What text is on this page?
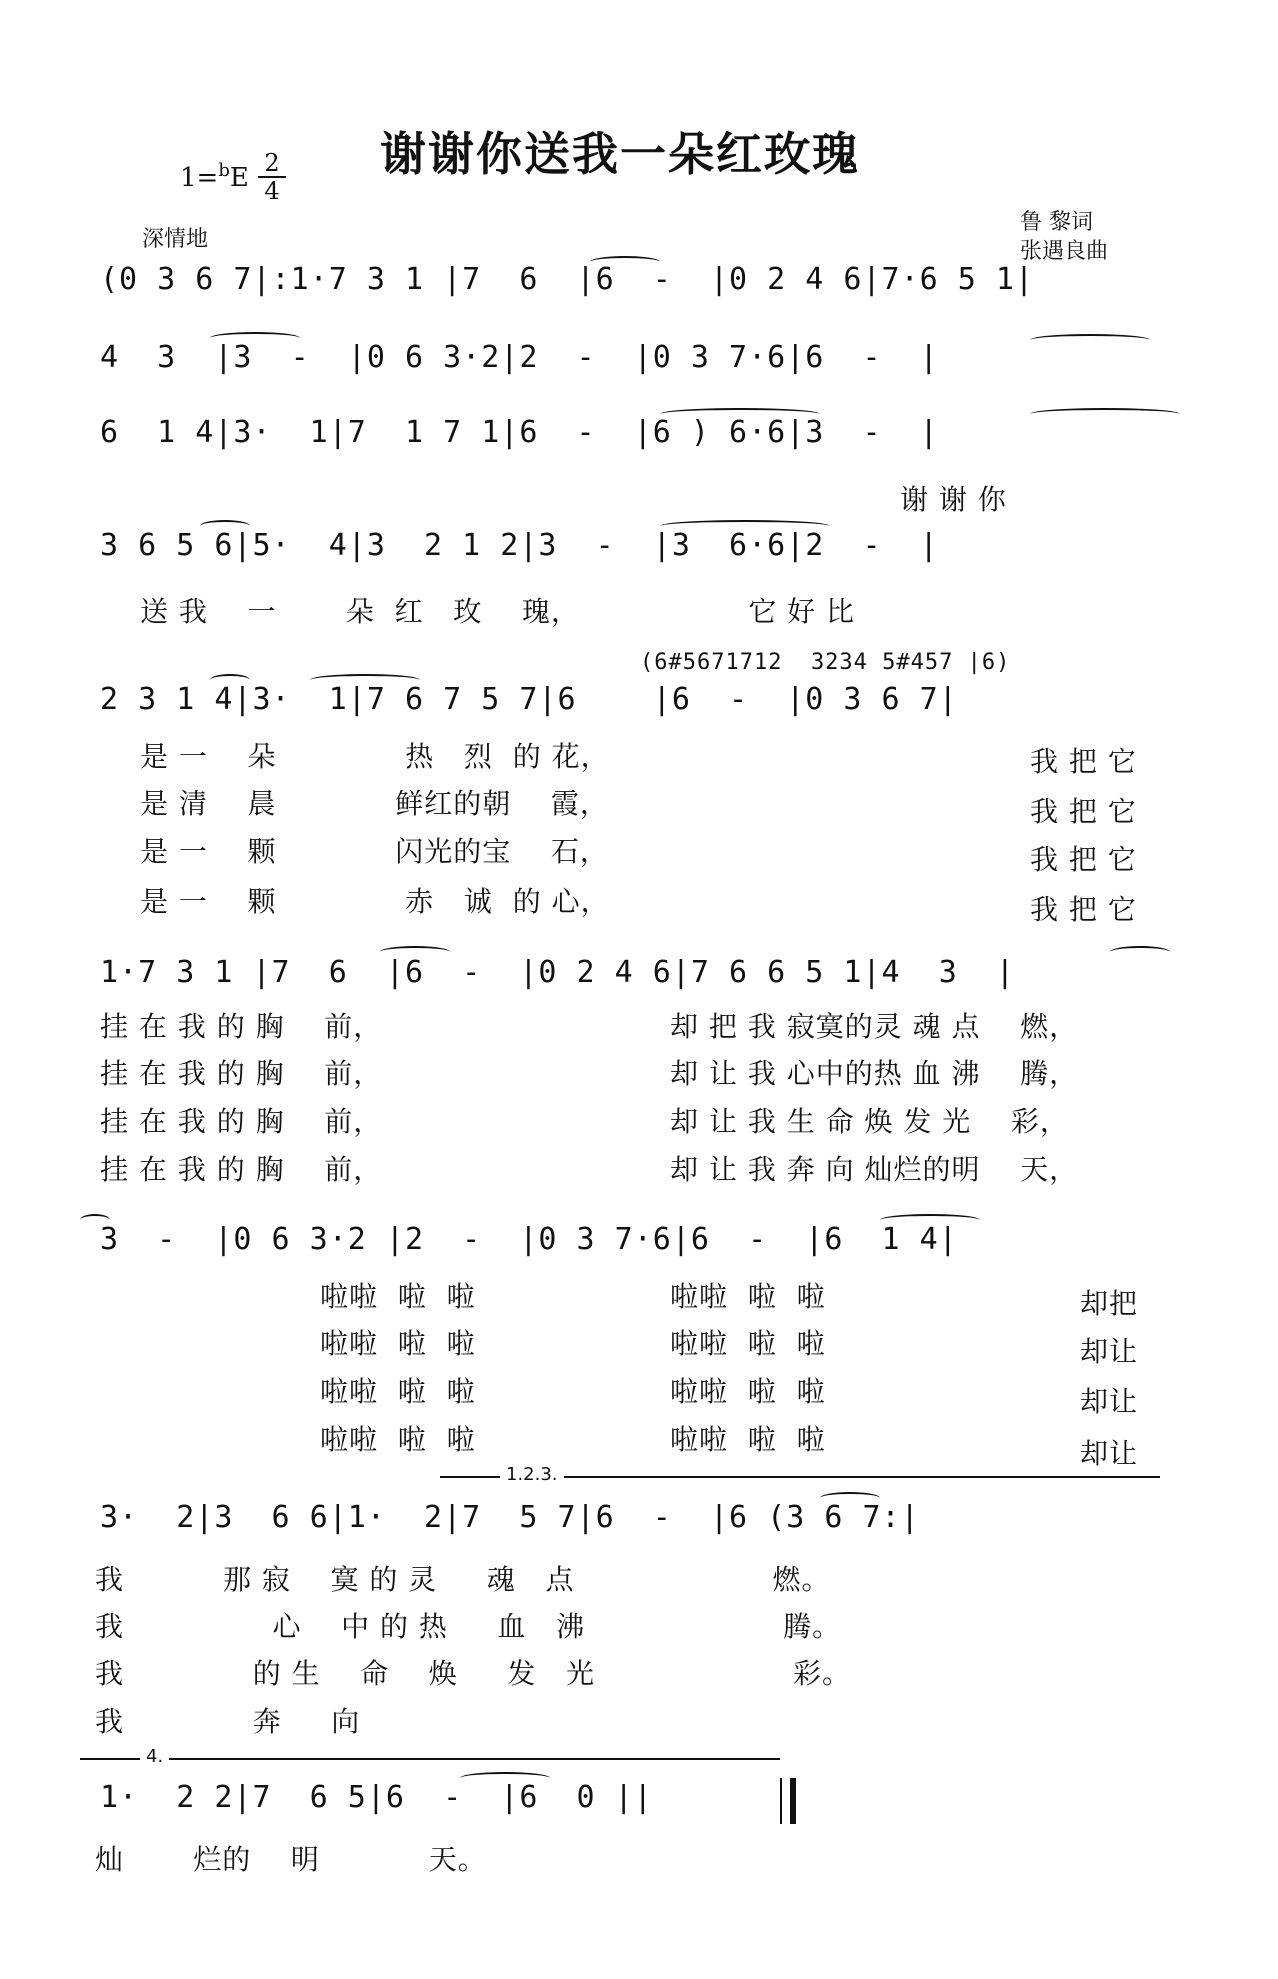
谢谢你送我一朵红玫瑰
1=$^b$E 2
4
深情地
鲁 黎词
张遇良曲
(0 3 6 7|:1·7 3 1 |7  6  |6  -  |0 2 4 6|7·6 5 1|
4  3  |3  -  |0 6 3·2|2  -  |0 3 7·6|6  -  |
6  1 4|3·  1|7  1 7 1|6  -  |6 ) 6·6|3  -  |
谢 谢 你
3 6 5 6|5·  4|3  2 1 2|3  -  |3  6·6|2  -  |
送 我    一       朵  红   玫    瑰，                 它 好 比
(6#5671712  3234 5#457 |6)
2 3 1 4|3·  1|7 6 7 5 7|6    |6  -  |0 3 6 7|
是 一    朵             热   烈  的 花，
是 清    晨            鲜红的朝    霞，
是 一    颗            闪光的宝    石，
是 一    颗             赤   诚  的 心，
我 把 它
我 把 它
我 把 它
我 把 它
1·7 3 1 |7  6  |6  -  |0 2 4 6|7 6 6 5 1|4  3  |
挂 在 我 的 胸    前，
挂 在 我 的 胸    前，
挂 在 我 的 胸    前，
挂 在 我 的 胸    前，
却 把 我 寂寞的灵 魂 点    燃，
却 让 我 心中的热 血 沸    腾，
却 让 我 生 命 焕 发 光    彩，
却 让 我 奔 向 灿烂的明    天，
3  -  |0 6 3·2 |2  -  |0 3 7·6|6  -  |6  1 4|
啦啦  啦  啦
啦啦  啦  啦
啦啦  啦  啦
啦啦  啦  啦
啦啦  啦  啦
啦啦  啦  啦
啦啦  啦  啦
啦啦  啦  啦
却把
却让
却让
却让
1.2.3.
3·  2|3  6 6|1·  2|7  5 7|6  -  |6 (3 6 7:|
我          那 寂    寞 的 灵     魂   点                    燃。
我               心    中 的 热     血   沸                    腾。
我             的 生    命    焕     发   光                    彩。
我             奔     向
4.
1·  2 2|7  6 5|6  -  |6  0 ||
灿       烂的    明           天。
